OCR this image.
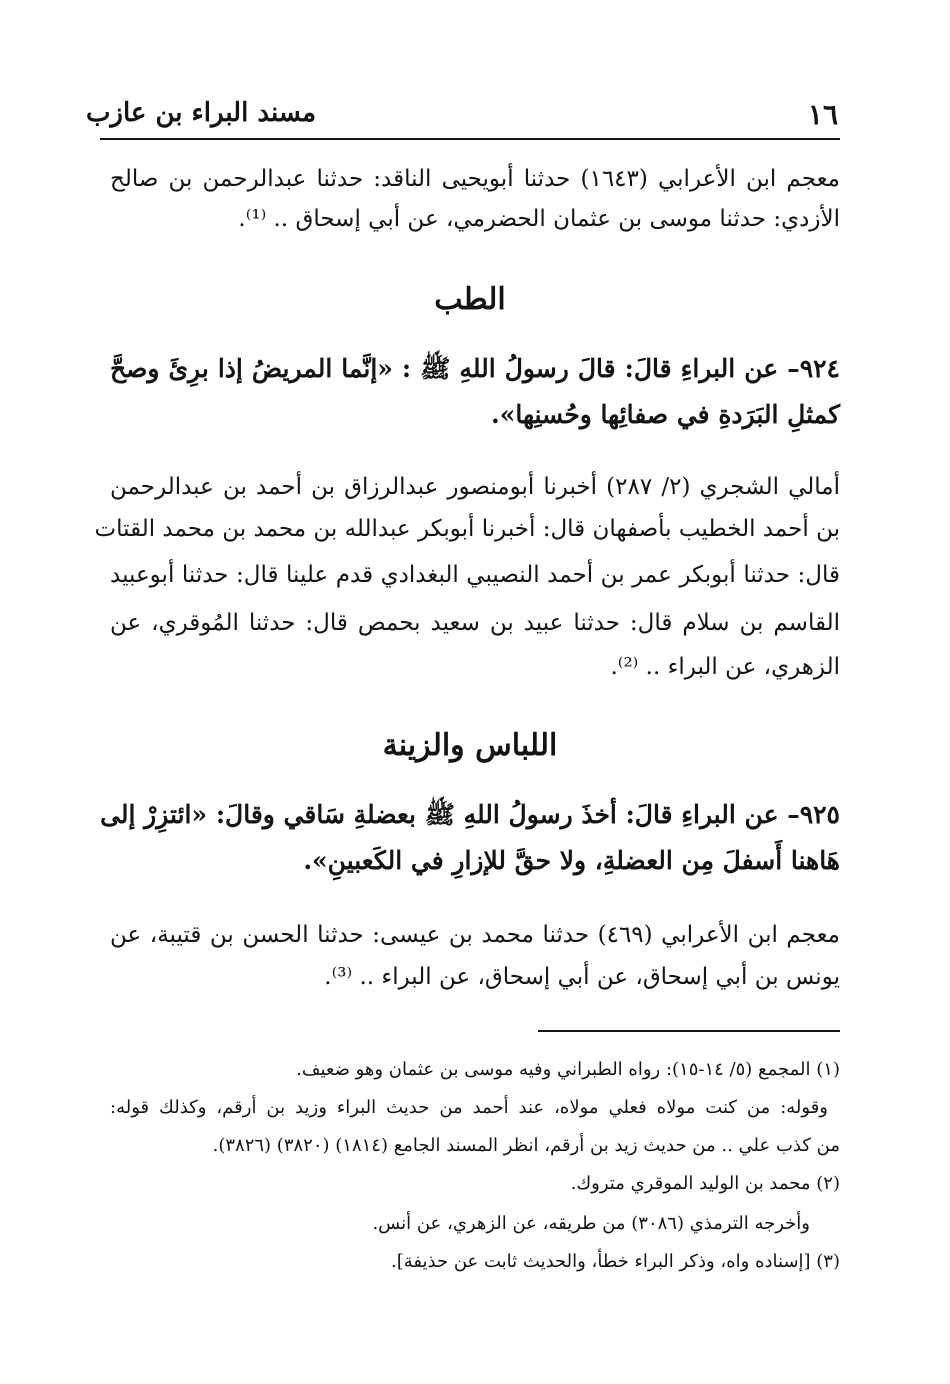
١٦
مسند البراء بن عازب
معجم ابن الأعرابي (١٦٤٣) حدثنا أبويحيى الناقد: حدثنا عبدالرحمن بن صالح
الأزدي: حدثنا موسى بن عثمان الحضرمي، عن أبي إسحاق .. ⁽¹⁾.
الطب
٩٢٤– عن البراءِ قالَ: قالَ رسولُ اللهِ ﷺ : «إنَّما المريضُ إذا برِئَ وصحَّ
كمثلِ البَرَدةِ في صفائِها وحُسنِها».
أمالي الشجري (٢/ ٢٨٧) أخبرنا أبومنصور عبدالرزاق بن أحمد بن عبدالرحمن
بن أحمد الخطيب بأصفهان قال: أخبرنا أبوبكر عبدالله بن محمد بن محمد القتات
قال: حدثنا أبوبكر عمر بن أحمد النصيبي البغدادي قدم علينا قال: حدثنا أبوعبيد
القاسم بن سلام قال: حدثنا عبيد بن سعيد بحمص قال: حدثنا المُوقري، عن
الزهري، عن البراء .. ⁽²⁾.
اللباس والزينة
٩٢٥– عن البراءِ قالَ: أخذَ رسولُ اللهِ ﷺ بعضلةِ سَاقي وقالَ: «ائتزِرْ إلى
هَاهنا أَسفلَ مِن العضلةِ، ولا حقَّ للإزارِ في الكَعبينِ».
معجم ابن الأعرابي (٤٦٩) حدثنا محمد بن عيسى: حدثنا الحسن بن قتيبة، عن
يونس بن أبي إسحاق، عن أبي إسحاق، عن البراء .. ⁽³⁾.
(١) المجمع (٥/ ١٤-١٥): رواه الطبراني وفيه موسى بن عثمان وهو ضعيف.
وقوله: من كنت مولاه فعلي مولاه، عند أحمد من حديث البراء وزيد بن أرقم، وكذلك قوله:
من كذب علي .. من حديث زيد بن أرقم، انظر المسند الجامع (١٨١٤) (٣٨٢٠) (٣٨٢٦).
(٢) محمد بن الوليد الموقري متروك.
وأخرجه الترمذي (٣٠٨٦) من طريقه، عن الزهري، عن أنس.
(٣) [إسناده واه، وذكر البراء خطأ، والحديث ثابت عن حذيفة].
